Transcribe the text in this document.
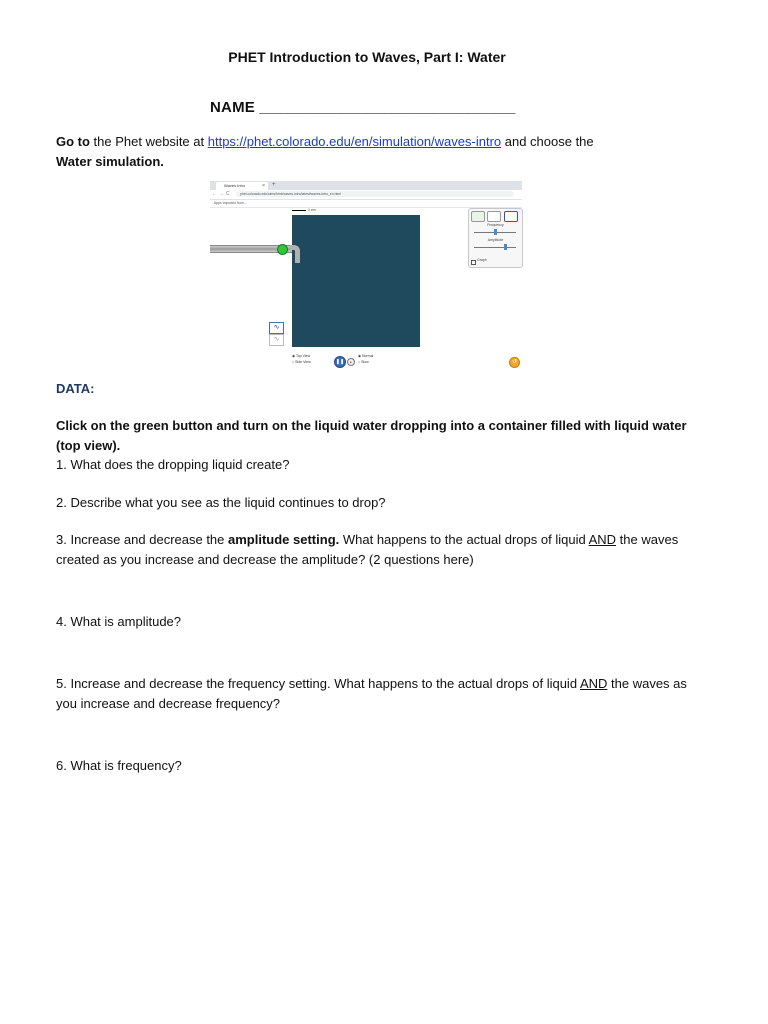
PHET Introduction to Waves, Part I: Water
NAME ______________________________
Go to the Phet website at https://phet.colorado.edu/en/simulation/waves-intro and choose the
Water simulation.
Waves Intro	× +
←→C	phet.colorado.edu/sims/html/waves-intro/latest/waves-intro_en.html
Apps Imported from...
1 cm
Frequency
Amplitude
Graph
∿
∿
◉ Top View
○ Side View	❚❚	▸
◉ Normal
○ Slow	↺
DATA:
Click on the green button and turn on the liquid water dropping into a container filled with liquid water (top view).
1. What does the dropping liquid create?
2. Describe what you see as the liquid continues to drop?
3. Increase and decrease the amplitude setting. What happens to the actual drops of liquid AND the waves created as you increase and decrease the amplitude? (2 questions here)
4. What is amplitude?
5. Increase and decrease the frequency setting. What happens to the actual drops of liquid AND the waves as you increase and decrease frequency?
6. What is frequency?
